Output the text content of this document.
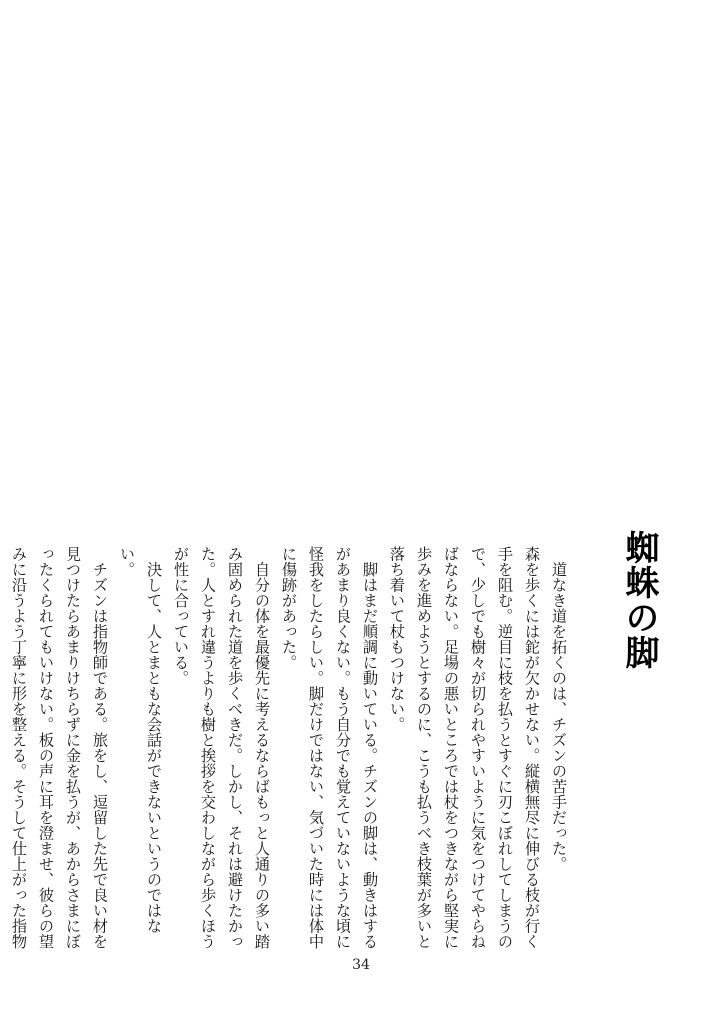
蜘蛛の脚

　道なき道を拓くのは、チズンの苦手だった。

森を歩くには鉈が欠かせない。縦横無尽に伸びる枝が行く手を阻む。逆目に枝を払うとすぐに刃こぼれしてしまうので、少しでも樹々が切られやすいように気をつけてやらねばならない。足場の悪いところでは杖をつきながら堅実に歩みを進めようとするのに、こうも払うべき枝葉が多いと落ち着いて杖もつけない。

　脚はまだ順調に動いている。チズンの脚は、動きはするがあまり良くない。もう自分でも覚えていないような頃に怪我をしたらしい。脚だけではない、気づいた時には体中に傷跡があった。

　自分の体を最優先に考えるならばもっと人通りの多い踏み固められた道を歩くべきだ。しかし、それは避けたかった。人とすれ違うよりも樹と挨拶を交わしながら歩くほうが性に合っている。

　決して、人とまともな会話ができないというのではない。

　チズンは指物師である。旅をし、逗留した先で良い材を見つけたらあまりけちらずに金を払うが、あからさまにぼったくられてもいけない。板の声に耳を澄ませ、彼らの望みに沿うよう丁寧に形を整える。そうして仕上がった指物

34
